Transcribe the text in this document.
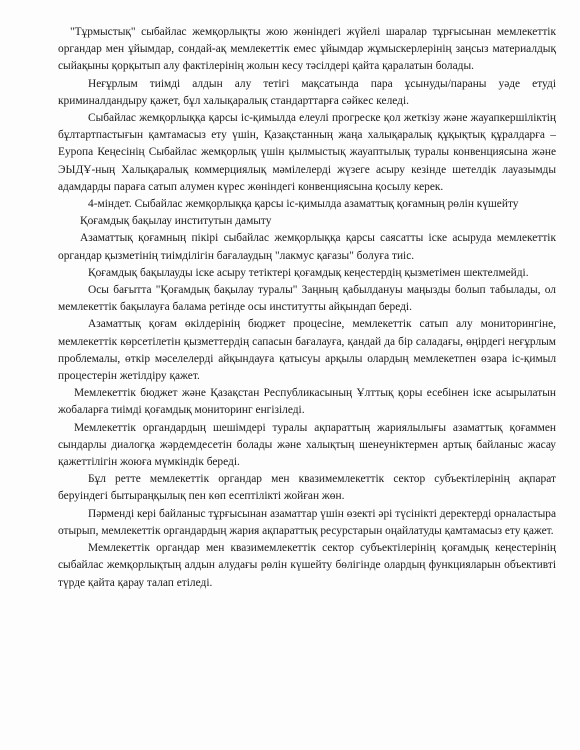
"Тұрмыстық" сыбайлас жемқорлықты жою жөніндегі жүйелі шаралар тұрғысынан мемлекеттік органдар мен ұйымдар, сондай-ақ мемлекеттік емес ұйымдар жұмыскерлерінің заңсыз материалдық сыйақыны қорқытып алу фактілерінің жолын кесу тәсілдері қайта қаралатын болады.

Неғұрлым тиімді алдын алу тетігі мақсатында пара ұсынуды/параны уәде етуді криминалдандыру қажет, бұл халықаралық стандарттарға сәйкес келеді.

Сыбайлас жемқорлыққа қарсы іс-қимылда елеулі прогреске қол жеткізу және жауапкершіліктің бұлтартпастығын қамтамасыз ету үшін, Қазақстанның жаңа халықаралық құқықтық құралдарға – Еуропа Кеңесінің Сыбайлас жемқорлық үшін қылмыстық жауаптылық туралы конвенциясына және ЭЫДҰ-ның Халықаралық коммерциялық мәмілелерді жүзеге асыру кезінде шетелдік лауазымды адамдарды параға сатып алумен күрес жөніндегі конвенциясына қосылу керек.

4-міндет. Сыбайлас жемқорлыққа қарсы іс-қимылда азаматтық қоғамның рөлін күшейту

Қоғамдық бақылау институтын дамыту

Азаматтық қоғамның пікірі сыбайлас жемқорлыққа қарсы саясатты іске асыруда мемлекеттік органдар қызметінің тиімділігін бағалаудың "лакмус қағазы" болуға тиіс.

Қоғамдық бақылауды іске асыру тетіктері қоғамдық кеңестердің қызметімен шектелмейді.

Осы бағытта "Қоғамдық бақылау туралы" Заңның қабылдануы маңызды болып табылады, ол мемлекеттік бақылауға балама ретінде осы институтты айқындап береді.

Азаматтық қоғам өкілдерінің бюджет процесіне, мемлекеттік сатып алу мониторингіне, мемлекеттік көрсетілетін қызметтердің сапасын бағалауға, қандай да бір саладағы, өңірдегі неғұрлым проблемалы, өткір мәселелерді айқындауға қатысуы арқылы олардың мемлекетпен өзара іс-қимыл процестерін жетілдіру қажет.

Мемлекеттік бюджет және Қазақстан Республикасының Ұлттық қоры есебінен іске асырылатын жобаларға тиімді қоғамдық мониторинг енгізіледі.

Мемлекеттік органдардың шешімдері туралы ақпараттың жариялылығы азаматтық қоғаммен сындарлы диалогқа жәрдемдесетін болады және халықтың шенеуніктермен артық байланыс жасау қажеттілігін жоюға мүмкіндік береді.

Бұл ретте мемлекеттік органдар мен квазимемлекеттік сектор субъектілерінің ақпарат беруіндегі бытыраңқылық пен көп есептілікті жойған жөн.

Пәрменді кері байланыс тұрғысынан азаматтар үшін өзекті әрі түсінікті деректерді орналастыра отырып, мемлекеттік органдардың жария ақпараттық ресурстарын оңайлатуды қамтамасыз ету қажет.

Мемлекеттік органдар мен квазимемлекеттік сектор субъектілерінің қоғамдық кеңестерінің сыбайлас жемқорлықтың алдын алудағы рөлін күшейту бөлігінде олардың функцияларын объективті түрде қайта қарау талап етіледі.
